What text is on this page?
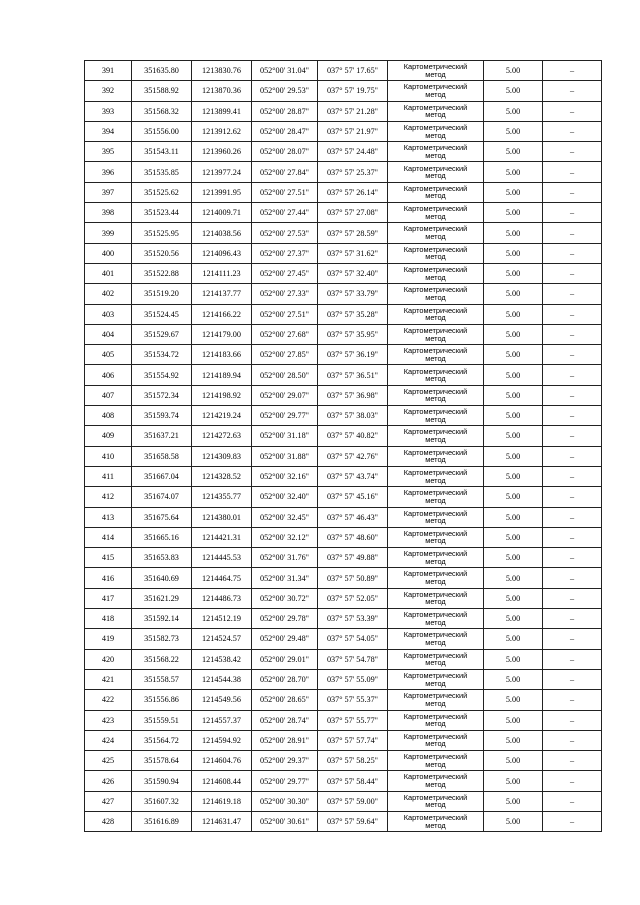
391	351635.80	1213830.76	052°00' 31.04"	037° 57' 17.65"	Картометрический
метод	5.00	–
392	351588.92	1213870.36	052°00' 29.53"	037° 57' 19.75"	Картометрический
метод	5.00	–
393	351568.32	1213899.41	052°00' 28.87"	037° 57' 21.28"	Картометрический
метод	5.00	–
394	351556.00	1213912.62	052°00' 28.47"	037° 57' 21.97"	Картометрический
метод	5.00	–
395	351543.11	1213960.26	052°00' 28.07"	037° 57' 24.48"	Картометрический
метод	5.00	–
396	351535.85	1213977.24	052°00' 27.84"	037° 57' 25.37"	Картометрический
метод	5.00	–
397	351525.62	1213991.95	052°00' 27.51"	037° 57' 26.14"	Картометрический
метод	5.00	–
398	351523.44	1214009.71	052°00' 27.44"	037° 57' 27.08"	Картометрический
метод	5.00	–
399	351525.95	1214038.56	052°00' 27.53"	037° 57' 28.59"	Картометрический
метод	5.00	–
400	351520.56	1214096.43	052°00' 27.37"	037° 57' 31.62"	Картометрический
метод	5.00	–
401	351522.88	1214111.23	052°00' 27.45"	037° 57' 32.40"	Картометрический
метод	5.00	–
402	351519.20	1214137.77	052°00' 27.33"	037° 57' 33.79"	Картометрический
метод	5.00	–
403	351524.45	1214166.22	052°00' 27.51"	037° 57' 35.28"	Картометрический
метод	5.00	–
404	351529.67	1214179.00	052°00' 27.68"	037° 57' 35.95"	Картометрический
метод	5.00	–
405	351534.72	1214183.66	052°00' 27.85"	037° 57' 36.19"	Картометрический
метод	5.00	–
406	351554.92	1214189.94	052°00' 28.50"	037° 57' 36.51"	Картометрический
метод	5.00	–
407	351572.34	1214198.92	052°00' 29.07"	037° 57' 36.98"	Картометрический
метод	5.00	–
408	351593.74	1214219.24	052°00' 29.77"	037° 57' 38.03"	Картометрический
метод	5.00	–
409	351637.21	1214272.63	052°00' 31.18"	037° 57' 40.82"	Картометрический
метод	5.00	–
410	351658.58	1214309.83	052°00' 31.88"	037° 57' 42.76"	Картометрический
метод	5.00	–
411	351667.04	1214328.52	052°00' 32.16"	037° 57' 43.74"	Картометрический
метод	5.00	–
412	351674.07	1214355.77	052°00' 32.40"	037° 57' 45.16"	Картометрический
метод	5.00	–
413	351675.64	1214380.01	052°00' 32.45"	037° 57' 46.43"	Картометрический
метод	5.00	–
414	351665.16	1214421.31	052°00' 32.12"	037° 57' 48.60"	Картометрический
метод	5.00	–
415	351653.83	1214445.53	052°00' 31.76"	037° 57' 49.88"	Картометрический
метод	5.00	–
416	351640.69	1214464.75	052°00' 31.34"	037° 57' 50.89"	Картометрический
метод	5.00	–
417	351621.29	1214486.73	052°00' 30.72"	037° 57' 52.05"	Картометрический
метод	5.00	–
418	351592.14	1214512.19	052°00' 29.78"	037° 57' 53.39"	Картометрический
метод	5.00	–
419	351582.73	1214524.57	052°00' 29.48"	037° 57' 54.05"	Картометрический
метод	5.00	–
420	351568.22	1214538.42	052°00' 29.01"	037° 57' 54.78"	Картометрический
метод	5.00	–
421	351558.57	1214544.38	052°00' 28.70"	037° 57' 55.09"	Картометрический
метод	5.00	–
422	351556.86	1214549.56	052°00' 28.65"	037° 57' 55.37"	Картометрический
метод	5.00	–
423	351559.51	1214557.37	052°00' 28.74"	037° 57' 55.77"	Картометрический
метод	5.00	–
424	351564.72	1214594.92	052°00' 28.91"	037° 57' 57.74"	Картометрический
метод	5.00	–
425	351578.64	1214604.76	052°00' 29.37"	037° 57' 58.25"	Картометрический
метод	5.00	–
426	351590.94	1214608.44	052°00' 29.77"	037° 57' 58.44"	Картометрический
метод	5.00	–
427	351607.32	1214619.18	052°00' 30.30"	037° 57' 59.00"	Картометрический
метод	5.00	–
428	351616.89	1214631.47	052°00' 30.61"	037° 57' 59.64"	Картометрический
метод	5.00	–
